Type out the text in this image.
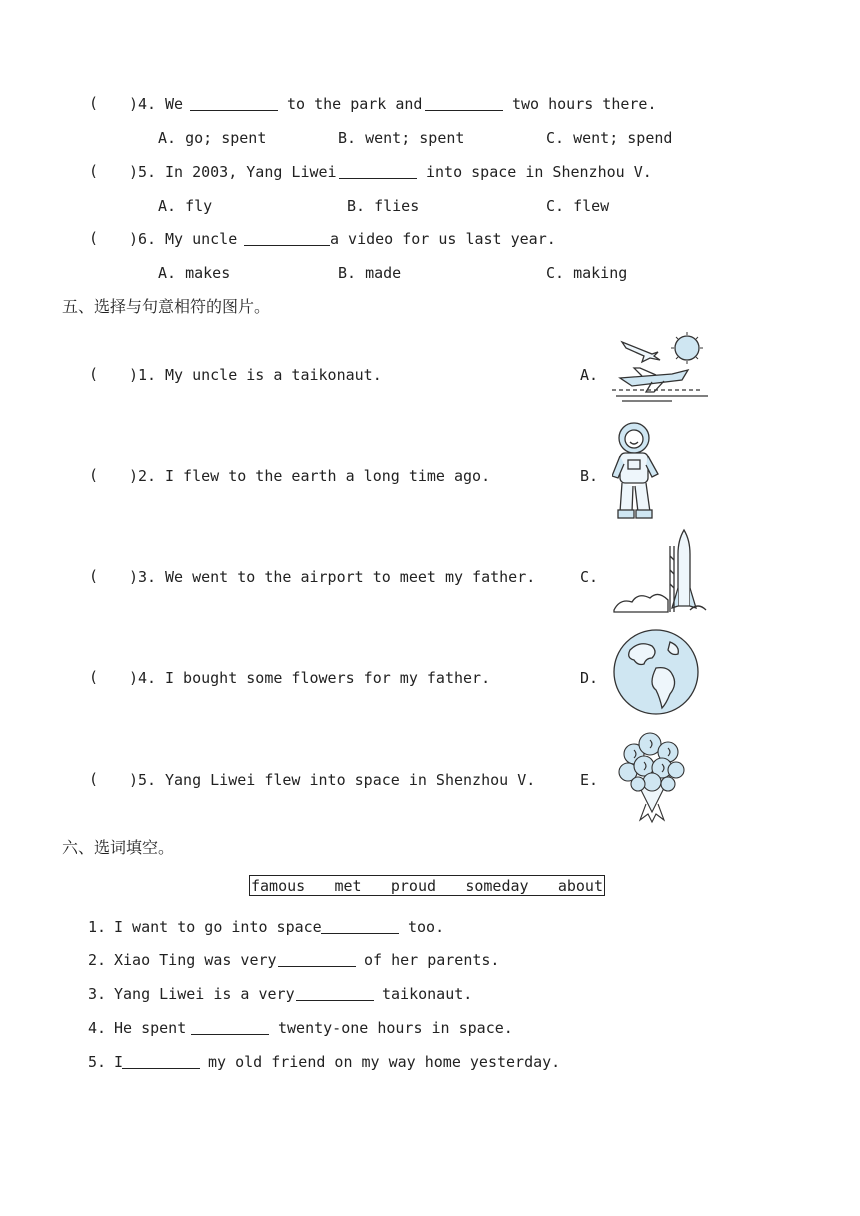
( )4. We	to the park and	two hours there.
A. go; spent	B. went; spent	C. went; spend
( )5. In 2003, Yang Liwei	into space in Shenzhou V.
A. fly	B. flies	C. flew
( )6. My uncle	a video for us last year.
A. makes	B. made	C. making
五、选择与句意相符的图片。
( )1. My uncle is a taikonaut.	A.
( )2. I flew to the earth a long time ago.	B.
( )3. We went to the airport to meet my father.	C.
( )4. I bought some flowers for my father.	D.
( )5. Yang Liwei flew into space in Shenzhou V.	E.
六、选词填空。
famous met proud someday about
1. I want to go into space	too.
2. Xiao Ting was very	of her parents.
3. Yang Liwei is a very	taikonaut.
4. He spent	twenty-one hours in space.
5. I	my old friend on my way home yesterday.
